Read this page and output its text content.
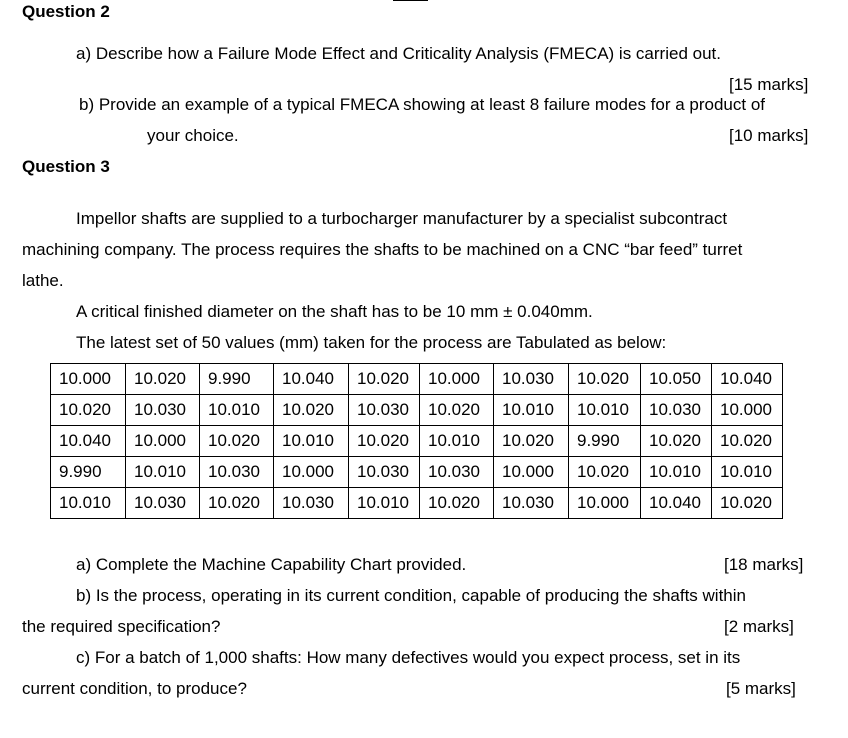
Question 2
a) Describe how a Failure Mode Effect and Criticality Analysis (FMECA) is carried out.
[15 marks]
b) Provide an example of a typical FMECA showing at least 8 failure modes for a product of
your choice.	[10 marks]
Question 3
Impellor shafts are supplied to a turbocharger manufacturer by a specialist subcontract
machining company. The process requires the shafts to be machined on a CNC “bar feed” turret
lathe.
A critical finished diameter on the shaft has to be 10 mm ± 0.040mm.
The latest set of 50 values (mm) taken for the process are Tabulated as below:
10.000	10.020	9.990	10.040	10.020	10.000	10.030	10.020	10.050	10.040
10.020	10.030	10.010	10.020	10.030	10.020	10.010	10.010	10.030	10.000
10.040	10.000	10.020	10.010	10.020	10.010	10.020	9.990	10.020	10.020
9.990	10.010	10.030	10.000	10.030	10.030	10.000	10.020	10.010	10.010
10.010	10.030	10.020	10.030	10.010	10.020	10.030	10.000	10.040	10.020
a) Complete the Machine Capability Chart provided.	[18 marks]
b) Is the process, operating in its current condition, capable of producing the shafts within
the required specification?	[2 marks]
c) For a batch of 1,000 shafts: How many defectives would you expect process, set in its
current condition, to produce?	[5 marks]
